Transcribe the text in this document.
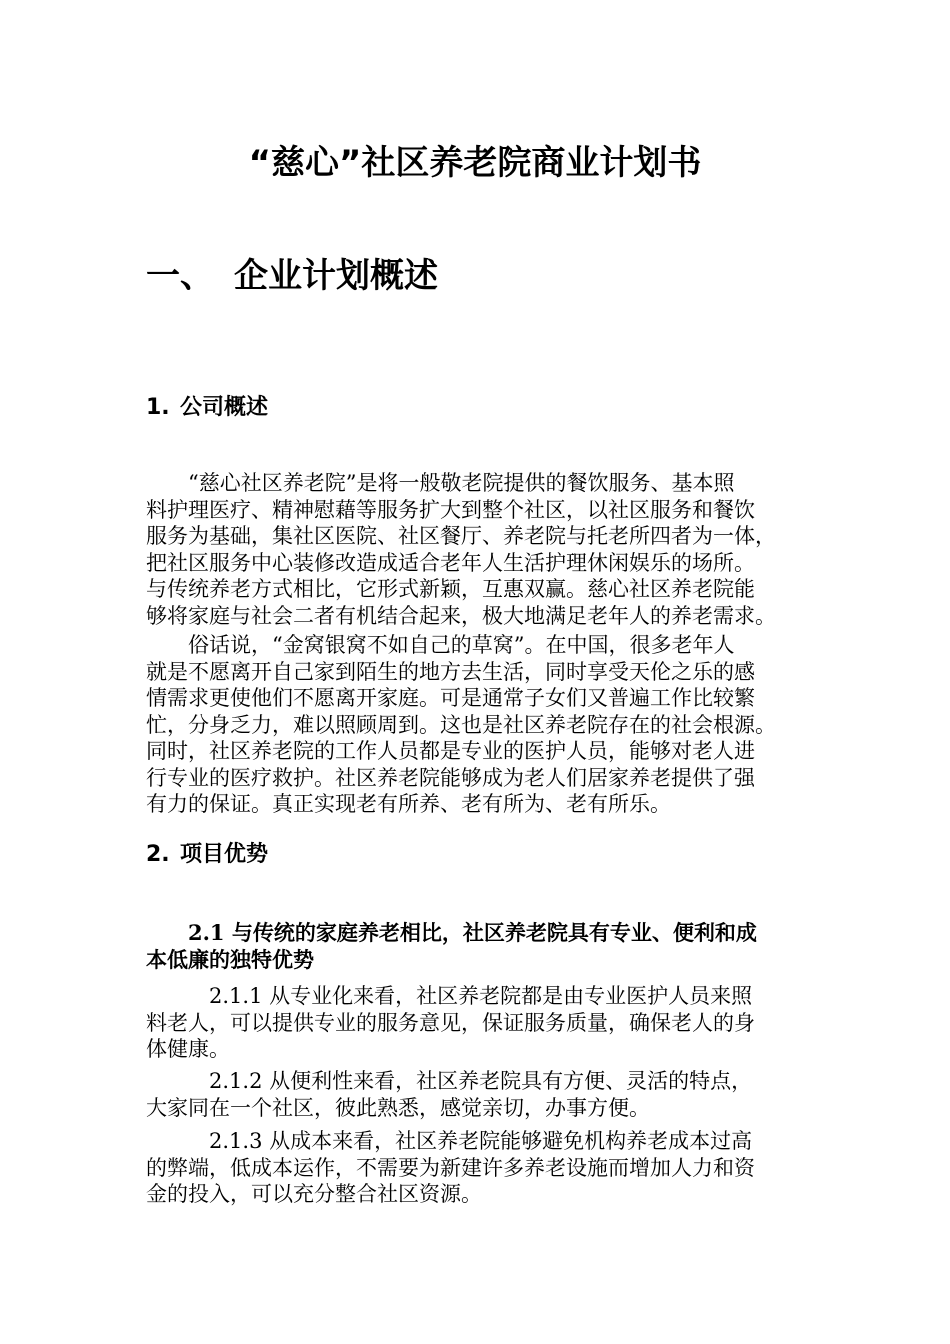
“慈心”社区养老院商业计划书
一、 企业计划概述
1. 公司概述
“慈心社区养老院”是将一般敬老院提供的餐饮服务、基本照
料护理医疗、精神慰藉等服务扩大到整个社区，以社区服务和餐饮
服务为基础，集社区医院、社区餐厅、养老院与托老所四者为一体，
把社区服务中心装修改造成适合老年人生活护理休闲娱乐的场所。
与传统养老方式相比，它形式新颖，互惠双赢。慈心社区养老院能
够将家庭与社会二者有机结合起来，极大地满足老年人的养老需求。
俗话说，“金窝银窝不如自己的草窝”。在中国，很多老年人
就是不愿离开自己家到陌生的地方去生活，同时享受天伦之乐的感
情需求更使他们不愿离开家庭。可是通常子女们又普遍工作比较繁
忙，分身乏力，难以照顾周到。这也是社区养老院存在的社会根源。
同时，社区养老院的工作人员都是专业的医护人员，能够对老人进
行专业的医疗救护。社区养老院能够成为老人们居家养老提供了强
有力的保证。真正实现老有所养、老有所为、老有所乐。
2. 项目优势
2.1 与传统的家庭养老相比，社区养老院具有专业、便利和成
本低廉的独特优势
2.1.1 从专业化来看，社区养老院都是由专业医护人员来照
料老人，可以提供专业的服务意见，保证服务质量，确保老人的身
体健康。
2.1.2 从便利性来看，社区养老院具有方便、灵活的特点，
大家同在一个社区，彼此熟悉，感觉亲切，办事方便。
2.1.3 从成本来看，社区养老院能够避免机构养老成本过高
的弊端，低成本运作，不需要为新建许多养老设施而增加人力和资
金的投入，可以充分整合社区资源。
